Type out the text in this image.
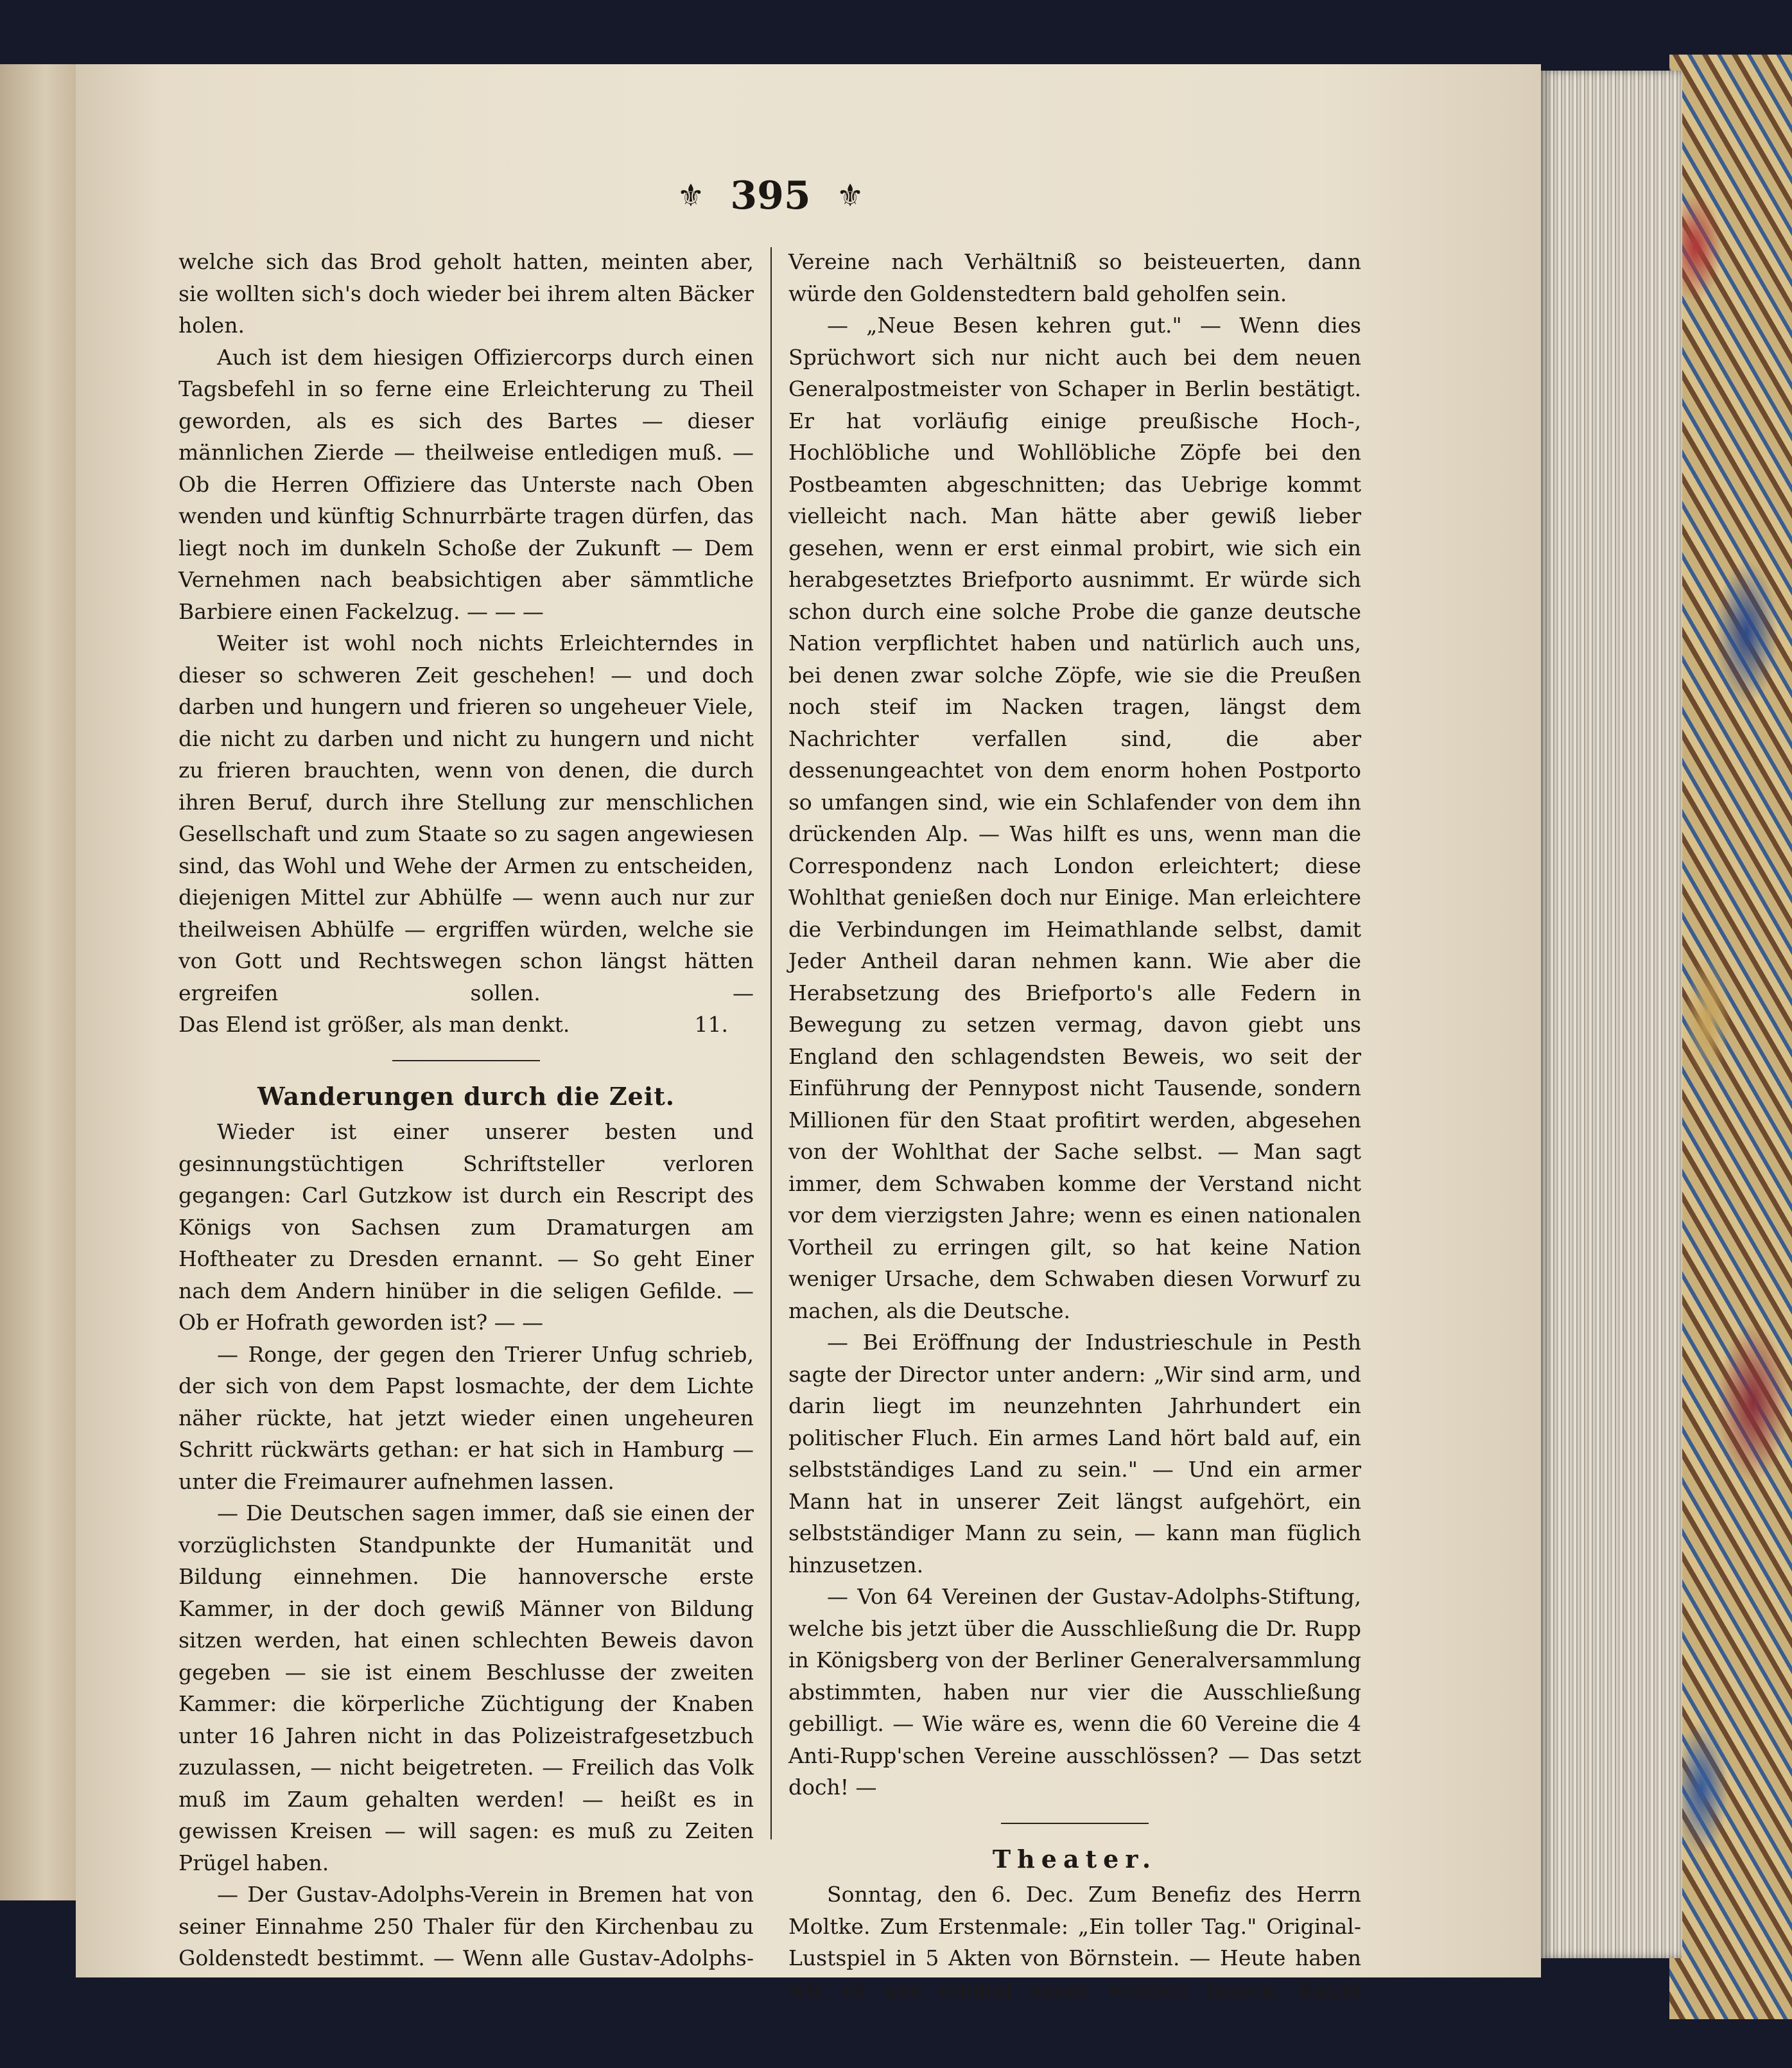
⚜ 395 ⚜

welche sich das Brod geholt hatten, meinten aber, sie wollten sich's doch wieder bei ihrem alten Bäcker holen.

Auch ist dem hiesigen Offiziercorps durch einen Tagsbefehl in so ferne eine Erleichterung zu Theil geworden, als es sich des Bartes — dieser männlichen Zierde — theilweise entledigen muß. — Ob die Herren Offiziere das Unterste nach Oben wenden und künftig Schnurrbärte tragen dürfen, das liegt noch im dunkeln Schoße der Zukunft — Dem Vernehmen nach beabsichtigen aber sämmtliche Barbiere einen Fackelzug. — — —

Weiter ist wohl noch nichts Erleichterndes in dieser so schweren Zeit geschehen! — und doch darben und hungern und frieren so ungeheuer Viele, die nicht zu darben und nicht zu hungern und nicht zu frieren brauchten, wenn von denen, die durch ihren Beruf, durch ihre Stellung zur menschlichen Gesellschaft und zum Staate so zu sagen angewiesen sind, das Wohl und Wehe der Armen zu entscheiden, diejenigen Mittel zur Abhülfe — wenn auch nur zur theilweisen Abhülfe — ergriffen würden, welche sie von Gott und Rechtswegen schon längst hätten ergreifen sollen. —

Das Elend ist größer, als man denkt.	11.
Wanderungen durch die Zeit.

Wieder ist einer unserer besten und gesinnungstüchtigen Schriftsteller verloren gegangen: Carl Gutzkow ist durch ein Rescript des Königs von Sachsen zum Dramaturgen am Hoftheater zu Dresden ernannt. — So geht Einer nach dem Andern hinüber in die seligen Gefilde. — Ob er Hofrath geworden ist? — —

— Ronge, der gegen den Trierer Unfug schrieb, der sich von dem Papst losmachte, der dem Lichte näher rückte, hat jetzt wieder einen ungeheuren Schritt rückwärts gethan: er hat sich in Hamburg — unter die Freimaurer aufnehmen lassen.

— Die Deutschen sagen immer, daß sie einen der vorzüglichsten Standpunkte der Humanität und Bildung einnehmen. Die hannoversche erste Kammer, in der doch gewiß Männer von Bildung sitzen werden, hat einen schlechten Beweis davon gegeben — sie ist einem Beschlusse der zweiten Kammer: die körperliche Züchtigung der Knaben unter 16 Jahren nicht in das Polizeistrafgesetzbuch zuzulassen, — nicht beigetreten. — Freilich das Volk muß im Zaum gehalten werden! — heißt es in gewissen Kreisen — will sagen: es muß zu Zeiten Prügel haben.

— Der Gustav-Adolphs-Verein in Bremen hat von seiner Einnahme 250 Thaler für den Kirchenbau zu Goldenstedt bestimmt. — Wenn alle Gustav-Adolphs-

Vereine nach Verhältniß so beisteuerten, dann würde den Goldenstedtern bald geholfen sein.

— „Neue Besen kehren gut." — Wenn dies Sprüchwort sich nur nicht auch bei dem neuen Generalpostmeister von Schaper in Berlin bestätigt. Er hat vorläufig einige preußische Hoch-, Hochlöbliche und Wohllöbliche Zöpfe bei den Postbeamten abgeschnitten; das Uebrige kommt vielleicht nach. Man hätte aber gewiß lieber gesehen, wenn er erst einmal probirt, wie sich ein herabgesetztes Briefporto ausnimmt. Er würde sich schon durch eine solche Probe die ganze deutsche Nation verpflichtet haben und natürlich auch uns, bei denen zwar solche Zöpfe, wie sie die Preußen noch steif im Nacken tragen, längst dem Nachrichter verfallen sind, die aber dessenungeachtet von dem enorm hohen Postporto so umfangen sind, wie ein Schlafender von dem ihn drückenden Alp. — Was hilft es uns, wenn man die Correspondenz nach London erleichtert; diese Wohlthat genießen doch nur Einige. Man erleichtere die Verbindungen im Heimathlande selbst, damit Jeder Antheil daran nehmen kann. Wie aber die Herabsetzung des Briefporto's alle Federn in Bewegung zu setzen vermag, davon giebt uns England den schlagendsten Beweis, wo seit der Einführung der Pennypost nicht Tausende, sondern Millionen für den Staat profitirt werden, abgesehen von der Wohlthat der Sache selbst. — Man sagt immer, dem Schwaben komme der Verstand nicht vor dem vierzigsten Jahre; wenn es einen nationalen Vortheil zu erringen gilt, so hat keine Nation weniger Ursache, dem Schwaben diesen Vorwurf zu machen, als die Deutsche.

— Bei Eröffnung der Industrieschule in Pesth sagte der Director unter andern: „Wir sind arm, und darin liegt im neunzehnten Jahrhundert ein politischer Fluch. Ein armes Land hört bald auf, ein selbstständiges Land zu sein." — Und ein armer Mann hat in unserer Zeit längst aufgehört, ein selbstständiger Mann zu sein, — kann man füglich hinzusetzen.

— Von 64 Vereinen der Gustav-Adolphs-Stiftung, welche bis jetzt über die Ausschließung die Dr. Rupp in Königsberg von der Berliner Generalversammlung abstimmten, haben nur vier die Ausschließung gebilligt. — Wie wäre es, wenn die 60 Vereine die 4 Anti-Rupp'schen Vereine ausschlössen? — Das setzt doch! —

Theater.

Sonntag, den 6. Dec. Zum Benefiz des Herrn Moltke. Zum Erstenmale: „Ein toller Tag." Original-Lustspiel in 5 Akten von Börnstein. — Heute haben wir es uns einmal sauer werden lassen. Kaum
